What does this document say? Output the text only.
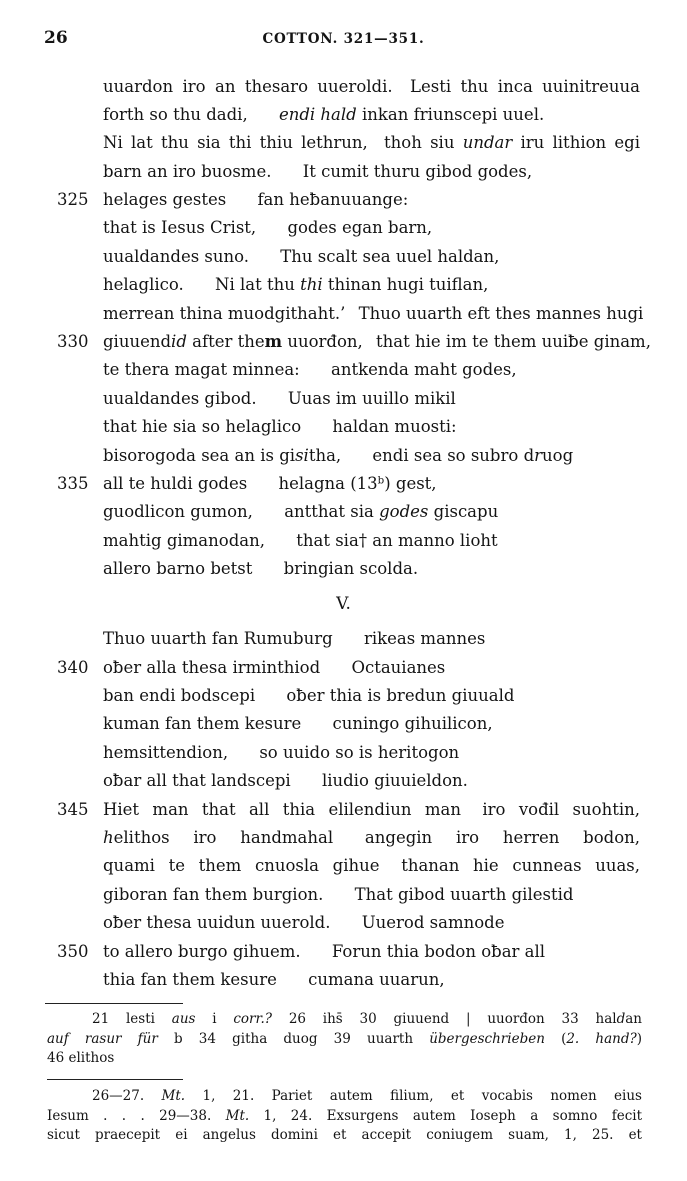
26	COTTON. 321—351.
uuardon iro an thesaro uueroldi. Lesti thu inca uuinitreuua
forth so thu dadi, endi hald inkan friunscepi uuel.
Ni lat thu sia thi thiu lethrun, thoh siu undar iru lithion egi
barn an iro buosme. It cumit thuru gibod godes,
325 helages gestes fan heƀanuuange:
that is Iesus Crist, godes egan barn,
uualdandes suno. Thu scalt sea uuel haldan,
helaglico. Ni lat thu thi thinan hugi tuiflan,
merrean thina muodgithaht.’ Thuo uuarth eft thes mannes hugi
330 giuuendid after them uuorđon, that hie im te them uuiƀe ginam,
te thera magat minnea: antkenda maht godes,
uualdandes gibod. Uuas im uuillo mikil
that hie sia so helaglico haldan muosti:
bisorogoda sea an is gisitha, endi sea so subro druog
335 all te huldi godes helagna (13$^b$) gest,
guodlicon gumon, antthat sia godes giscapu
mahtig gimanodan, that sia† an manno lioht
allero barno betst bringian scolda.
V.
Thuo uuarth fan Rumuburg rikeas mannes
340 oƀer alla thesa irminthiod Octauianes
ban endi bodscepi oƀer thia is bredun giuuald
kuman fan them kesure cuningo gihuilicon,
hemsittendion, so uuido so is heritogon
oƀar all that landscepi liudio giuuieldon.
345 Hiet man that all thia elilendiun man iro vođil suohtin,
helithos iro handmahal angegin iro herren bodon,
quami te them cnuosla gihue thanan hie cunneas uuas,
giboran fan them burgion. That gibod uuarth gilestid
oƀer thesa uuidun uuerold. Uuerod samnode
350 to allero burgo gihuem. Forun thia bodon oƀar all
thia fan them kesure cumana uuarun,
21 lesti aus i corr.? 26 ihs̄ 30 giuuend | uuorđon 33 haldan
auf rasur für b 34 githa duog 39 uuarth übergeschrieben (2. hand?)
46 elithos
26—27. Mt. 1, 21. Pariet autem filium, et vocabis nomen eius
Iesum . . . 29—38. Mt. 1, 24. Exsurgens autem Ioseph a somno fecit
sicut praecepit ei angelus domini et accepit coniugem suam, 1, 25. et
